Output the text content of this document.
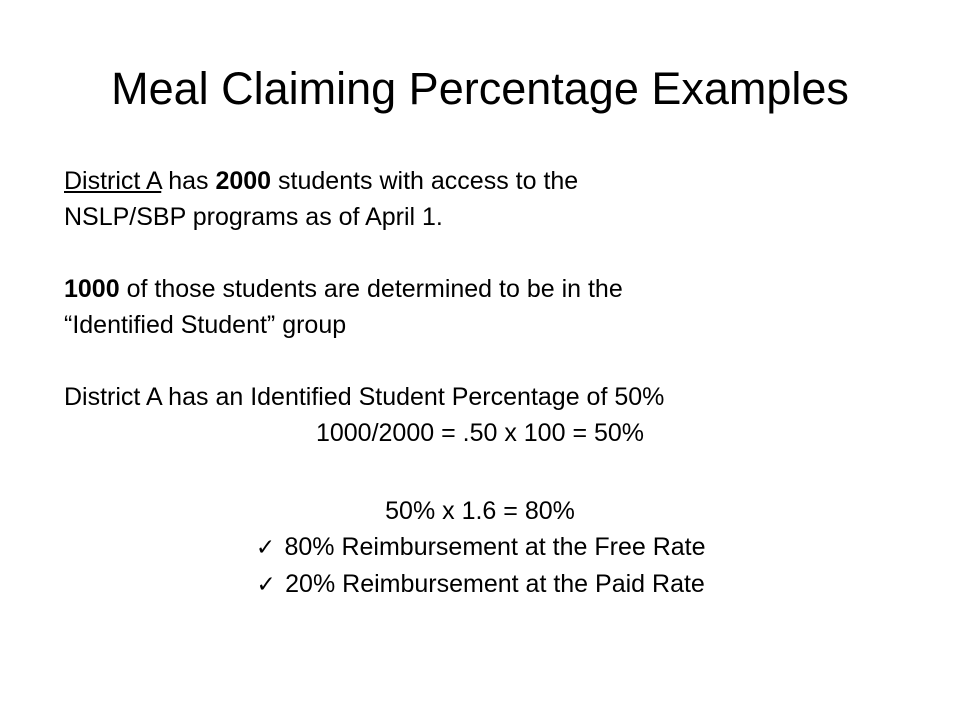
Meal Claiming Percentage Examples

District A has 2000 students with access to the

NSLP/SBP programs as of April 1.

1000 of those students are determined to be in the

“Identified Student” group

District A has an Identified Student Percentage of 50%

1000/2000 = .50 x 100 = 50%

50% x 1.6 = 80%

✓ 80% Reimbursement at the Free Rate

✓ 20% Reimbursement at the Paid Rate
